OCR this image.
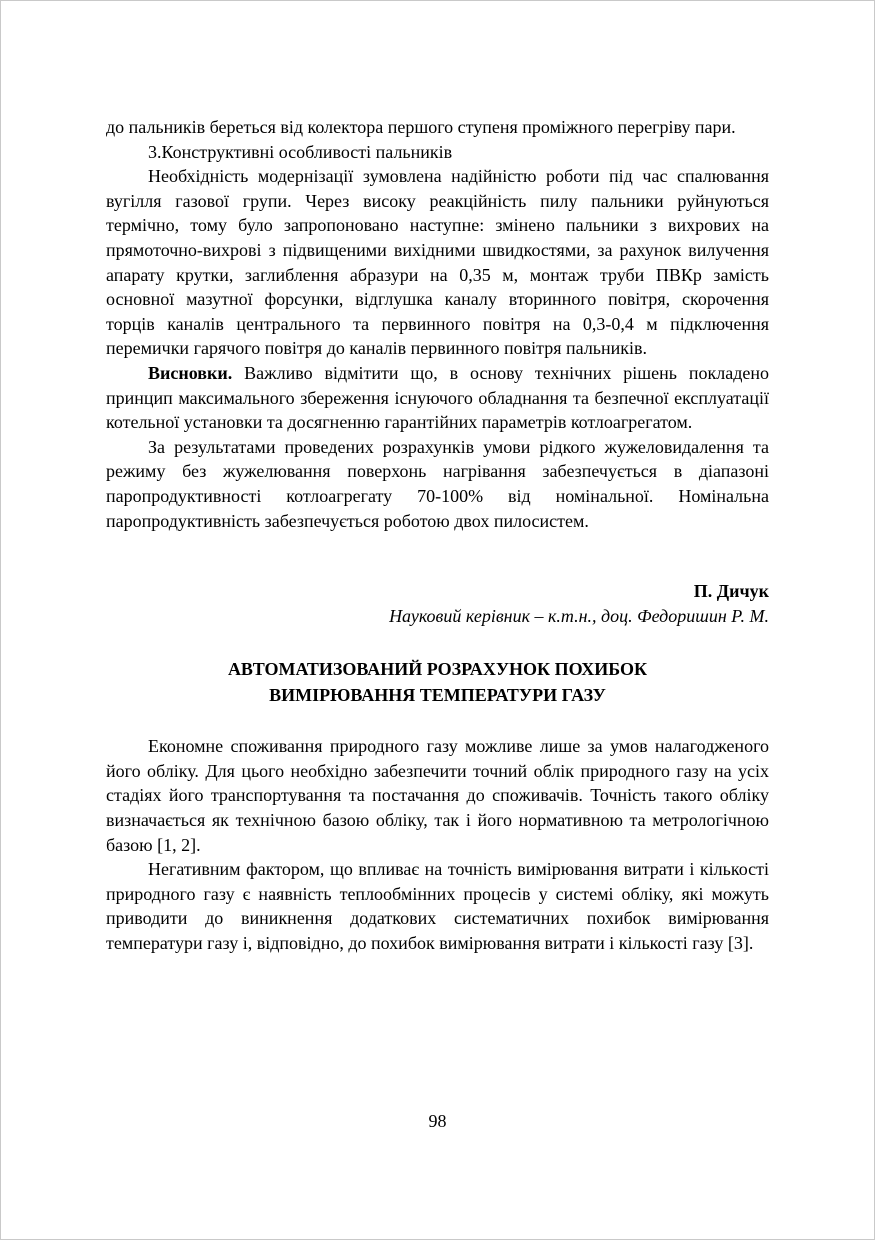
до пальників береться від колектора першого ступеня проміжного перегріву пари.

3.Конструктивні особливості пальників

Необхідність модернізації зумовлена надійністю роботи під час спалювання вугілля газової групи. Через високу реакційність пилу пальники руйнуються термічно, тому було запропоновано наступне: змінено пальники з вихрових на прямоточно-вихрові з підвищеними вихідними швидкостями, за рахунок вилучення апарату крутки, заглиблення абразури на 0,35 м, монтаж труби ПВКр замість основної мазутної форсунки, відглушка каналу вторинного повітря, скорочення торців каналів центрального та первинного повітря на 0,3-0,4 м підключення перемички гарячого повітря до каналів первинного повітря пальників.

Висновки. Важливо відмітити що, в основу технічних рішень покладено принцип максимального збереження існуючого обладнання та безпечної експлуатації котельної установки та досягненню гарантійних параметрів котлоагрегатом.

За результатами проведених розрахунків умови рідкого жужеловидалення та режиму без жужелювання поверхонь нагрівання забезпечується в діапазоні паропродуктивності котлоагрегату 70-100% від номінальної. Номінальна паропродуктивність забезпечується роботою двох пилосистем.

П. Дичук
Науковий керівник – к.т.н., доц. Федоришин Р. М.
АВТОМАТИЗОВАНИЙ РОЗРАХУНОК ПОХИБОК
ВИМІРЮВАННЯ ТЕМПЕРАТУРИ ГАЗУ

Економне споживання природного газу можливе лише за умов налагодженого його обліку. Для цього необхідно забезпечити точний облік природного газу на усіх стадіях його транспортування та постачання до споживачів. Точність такого обліку визначається як технічною базою обліку, так і його нормативною та метрологічною базою [1, 2].

Негативним фактором, що впливає на точність вимірювання витрати і кількості природного газу є наявність теплообмінних процесів у системі обліку, які можуть приводити до виникнення додаткових систематичних похибок вимірювання температури газу і, відповідно, до похибок вимірювання витрати і кількості газу [3].

98
